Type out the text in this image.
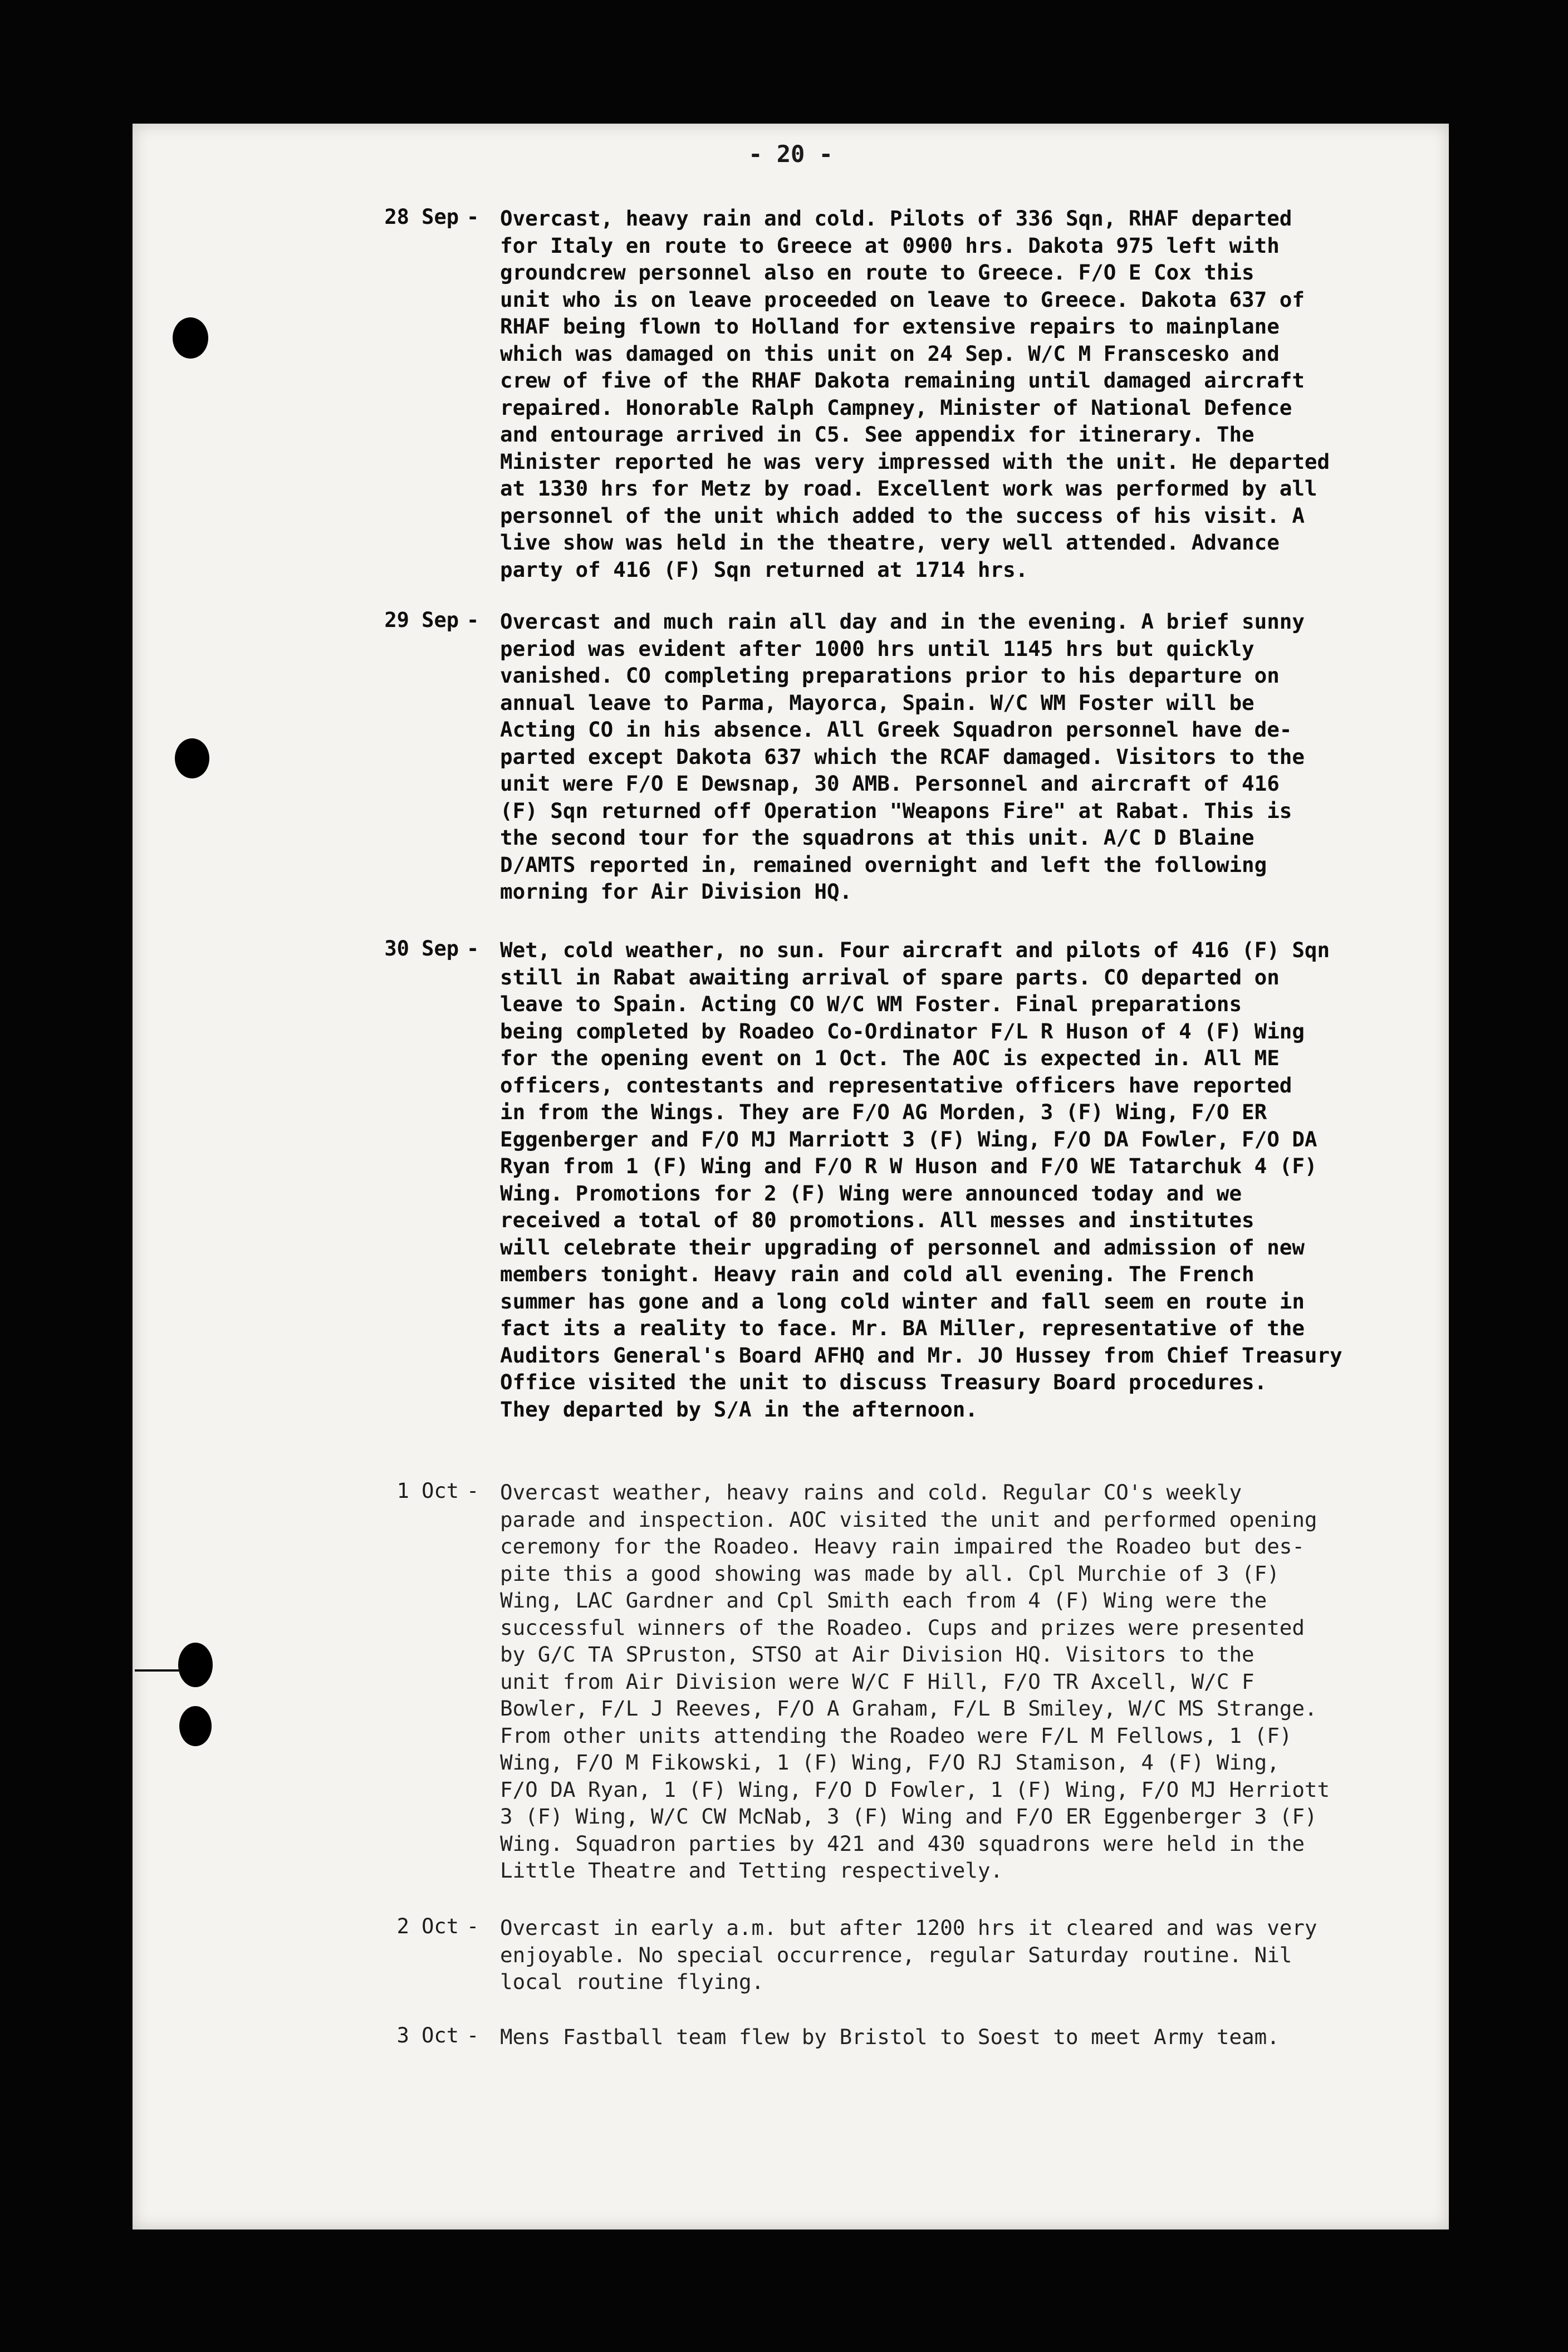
- 20 -
28 Sep - Overcast, heavy rain and cold. Pilots of 336 Sqn, RHAF departed
for Italy en route to Greece at 0900 hrs. Dakota 975 left with
groundcrew personnel also en route to Greece. F/O E Cox this
unit who is on leave proceeded on leave to Greece. Dakota 637 of
RHAF being flown to Holland for extensive repairs to mainplane
which was damaged on this unit on 24 Sep. W/C M Franscesko and
crew of five of the RHAF Dakota remaining until damaged aircraft
repaired. Honorable Ralph Campney, Minister of National Defence
and entourage arrived in C5. See appendix for itinerary. The
Minister reported he was very impressed with the unit. He departed
at 1330 hrs for Metz by road. Excellent work was performed by all
personnel of the unit which added to the success of his visit. A
live show was held in the theatre, very well attended. Advance
party of 416 (F) Sqn returned at 1714 hrs.

29 Sep - Overcast and much rain all day and in the evening. A brief sunny
period was evident after 1000 hrs until 1145 hrs but quickly
vanished. CO completing preparations prior to his departure on
annual leave to Parma, Mayorca, Spain. W/C WM Foster will be
Acting CO in his absence. All Greek Squadron personnel have de-
parted except Dakota 637 which the RCAF damaged. Visitors to the
unit were F/O E Dewsnap, 30 AMB. Personnel and aircraft of 416
(F) Sqn returned off Operation "Weapons Fire" at Rabat. This is
the second tour for the squadrons at this unit. A/C D Blaine
D/AMTS reported in, remained overnight and left the following
morning for Air Division HQ.

30 Sep - Wet, cold weather, no sun. Four aircraft and pilots of 416 (F) Sqn
still in Rabat awaiting arrival of spare parts. CO departed on
leave to Spain. Acting CO W/C WM Foster. Final preparations
being completed by Roadeo Co-Ordinator F/L R Huson of 4 (F) Wing
for the opening event on 1 Oct. The AOC is expected in. All ME
officers, contestants and representative officers have reported
in from the Wings. They are F/O AG Morden, 3 (F) Wing, F/O ER
Eggenberger and F/O MJ Marriott 3 (F) Wing, F/O DA Fowler, F/O DA
Ryan from 1 (F) Wing and F/O R W Huson and F/O WE Tatarchuk 4 (F)
Wing. Promotions for 2 (F) Wing were announced today and we
received a total of 80 promotions. All messes and institutes
will celebrate their upgrading of personnel and admission of new
members tonight. Heavy rain and cold all evening. The French
summer has gone and a long cold winter and fall seem en route in
fact its a reality to face. Mr. BA Miller, representative of the
Auditors General's Board AFHQ and Mr. JO Hussey from Chief Treasury
Office visited the unit to discuss Treasury Board procedures.
They departed by S/A in the afternoon.

1 Oct - Overcast weather, heavy rains and cold. Regular CO's weekly
parade and inspection. AOC visited the unit and performed opening
ceremony for the Roadeo. Heavy rain impaired the Roadeo but des-
pite this a good showing was made by all. Cpl Murchie of 3 (F)
Wing, LAC Gardner and Cpl Smith each from 4 (F) Wing were the
successful winners of the Roadeo. Cups and prizes were presented
by G/C TA SPruston, STSO at Air Division HQ. Visitors to the
unit from Air Division were W/C F Hill, F/O TR Axcell, W/C F
Bowler, F/L J Reeves, F/O A Graham, F/L B Smiley, W/C MS Strange.
From other units attending the Roadeo were F/L M Fellows, 1 (F)
Wing, F/O M Fikowski, 1 (F) Wing, F/O RJ Stamison, 4 (F) Wing,
F/O DA Ryan, 1 (F) Wing, F/O D Fowler, 1 (F) Wing, F/O MJ Herriott
3 (F) Wing, W/C CW McNab, 3 (F) Wing and F/O ER Eggenberger 3 (F)
Wing. Squadron parties by 421 and 430 squadrons were held in the
Little Theatre and Tetting respectively.

2 Oct - Overcast in early a.m. but after 1200 hrs it cleared and was very
enjoyable. No special occurrence, regular Saturday routine. Nil
local routine flying.

3 Oct - Mens Fastball team flew by Bristol to Soest to meet Army team.
